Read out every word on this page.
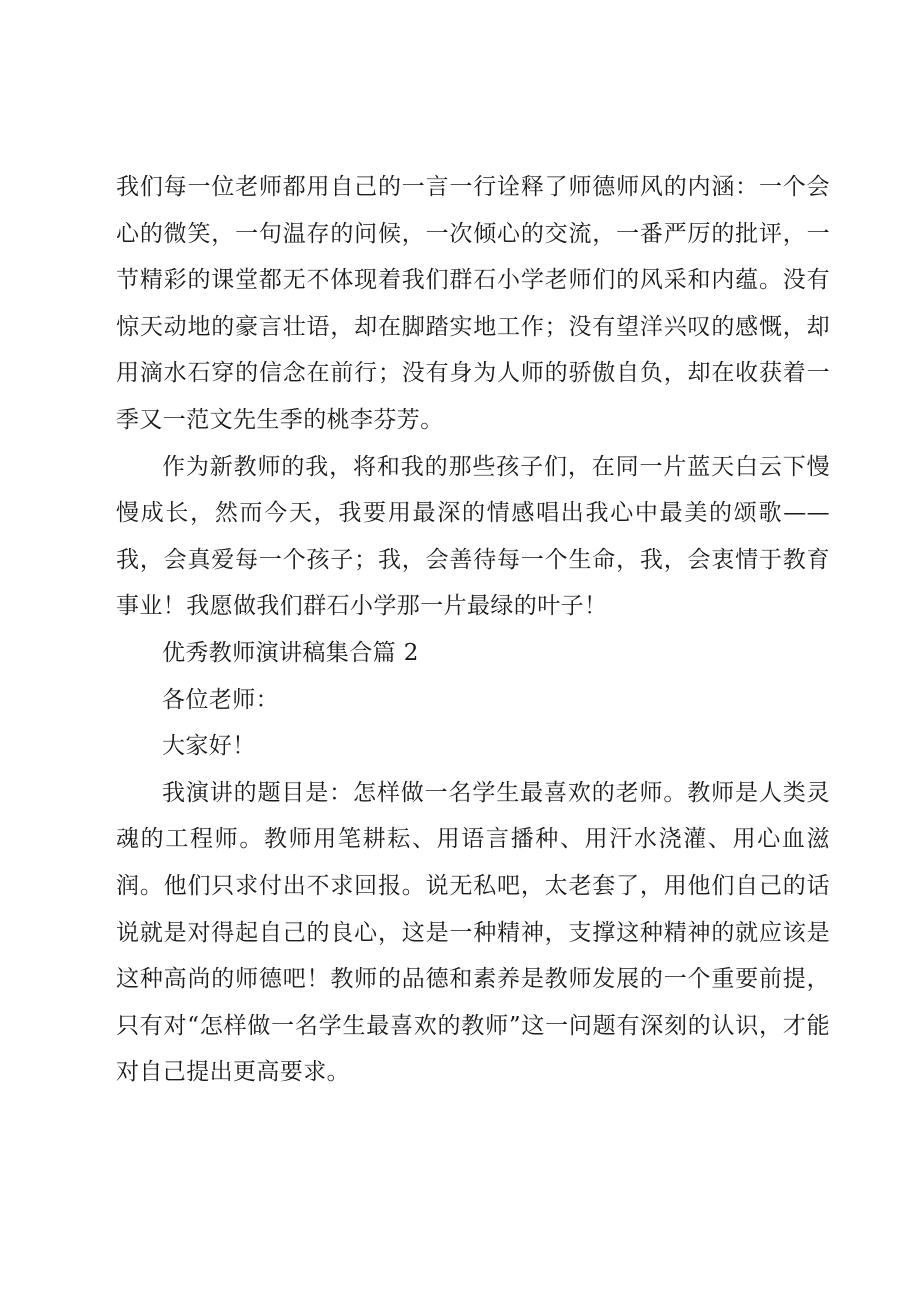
我们每一位老师都用自己的一言一行诠释了师德师风的内涵：一个会心的微笑，一句温存的问候，一次倾心的交流，一番严厉的批评，一节精彩的课堂都无不体现着我们群石小学老师们的风采和内蕴。没有惊天动地的豪言壮语，却在脚踏实地工作；没有望洋兴叹的感慨，却用滴水石穿的信念在前行；没有身为人师的骄傲自负，却在收获着一季又一范文先生季的桃李芬芳。

作为新教师的我，将和我的那些孩子们，在同一片蓝天白云下慢慢成长，然而今天，我要用最深的情感唱出我心中最美的颂歌——我，会真爱每一个孩子；我，会善待每一个生命，我，会衷情于教育事业！我愿做我们群石小学那一片最绿的叶子！

优秀教师演讲稿集合篇 2

各位老师：

大家好！

我演讲的题目是：怎样做一名学生最喜欢的老师。教师是人类灵魂的工程师。教师用笔耕耘、用语言播种、用汗水浇灌、用心血滋润。他们只求付出不求回报。说无私吧，太老套了，用他们自己的话说就是对得起自己的良心，这是一种精神，支撑这种精神的就应该是这种高尚的师德吧！教师的品德和素养是教师发展的一个重要前提，只有对“怎样做一名学生最喜欢的教师”这一问题有深刻的认识，才能对自己提出更高要求。
